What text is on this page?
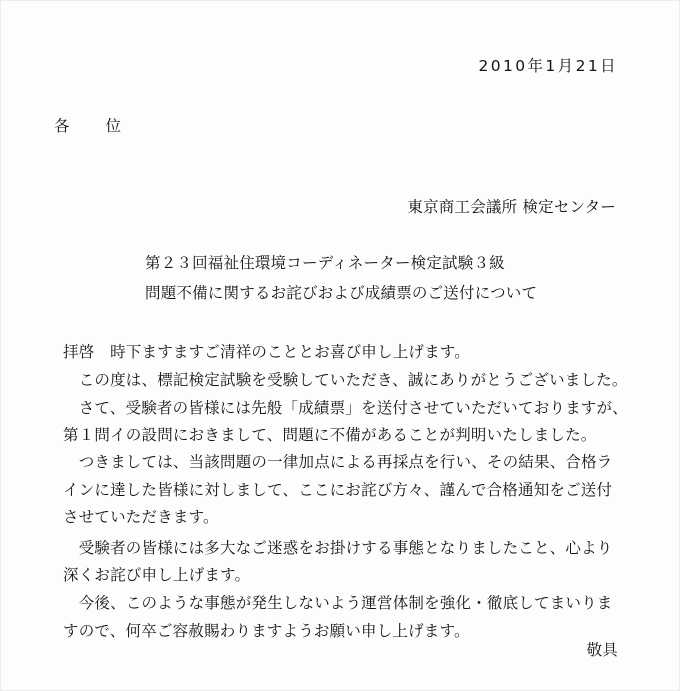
2010年1月21日
各位
東京商工会議所 検定センター
第２３回福祉住環境コーディネーター検定試験３級
問題不備に関するお詫びおよび成績票のご送付について
拝啓　時下ますますご清祥のこととお喜び申し上げます。
　この度は、標記検定試験を受験していただき、誠にありがとうございました。
　さて、受験者の皆様には先般「成績票」を送付させていただいておりますが、
第１問イの設問におきまして、問題に不備があることが判明いたしました。
　つきましては、当該問題の一律加点による再採点を行い、その結果、合格ラ
インに達した皆様に対しまして、ここにお詫び方々、謹んで合格通知をご送付
させていただきます。
　受験者の皆様には多大なご迷惑をお掛けする事態となりましたこと、心より
深くお詫び申し上げます。
　今後、このような事態が発生しないよう運営体制を強化・徹底してまいりま
すので、何卒ご容赦賜わりますようお願い申し上げます。
敬具
